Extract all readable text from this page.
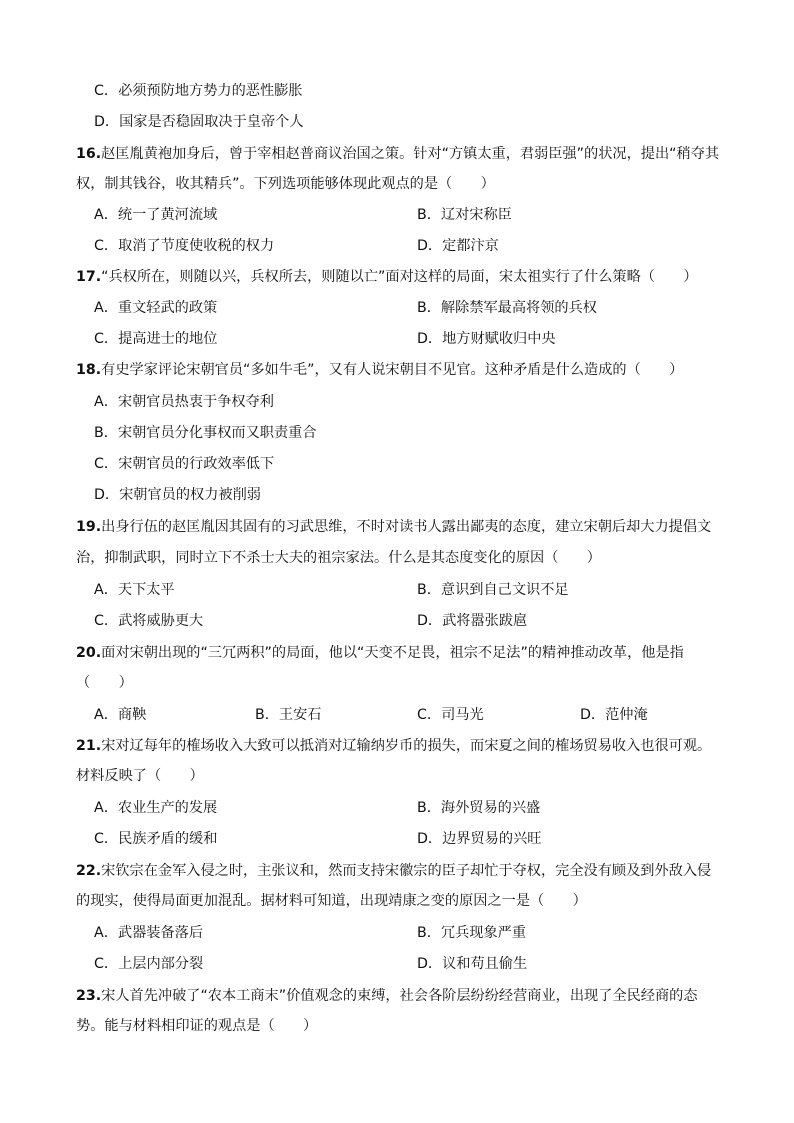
C．必须预防地方势力的恶性膨胀
D．国家是否稳固取决于皇帝个人
16.赵匡胤黄袍加身后，曾于宰相赵普商议治国之策。针对“方镇太重，君弱臣强”的状况，提出“稍夺其
权，制其钱谷，收其精兵”。下列选项能够体现此观点的是（　　）
A．统一了黄河流域	B．辽对宋称臣
C．取消了节度使收税的权力	D．定都汴京
17.“兵权所在，则随以兴，兵权所去，则随以亡”面对这样的局面，宋太祖实行了什么策略（　　）
A．重文轻武的政策	B．解除禁军最高将领的兵权
C．提高进士的地位	D．地方财赋收归中央
18.有史学家评论宋朝官员“多如牛毛”，又有人说宋朝目不见官。这种矛盾是什么造成的（　　）
A．宋朝官员热衷于争权夺利
B．宋朝官员分化事权而又职责重合
C．宋朝官员的行政效率低下
D．宋朝官员的权力被削弱
19.出身行伍的赵匡胤因其固有的习武思维，不时对读书人露出鄙夷的态度，建立宋朝后却大力提倡文
治，抑制武职，同时立下不杀士大夫的祖宗家法。什么是其态度变化的原因（　　）
A．天下太平	B．意识到自己文识不足
C．武将威胁更大	D．武将嚣张跋扈
20.面对宋朝出现的“三冗两积”的局面，他以“天变不足畏，祖宗不足法”的精神推动改革，他是指
（　　）
A．商鞅	B．王安石	C．司马光	D．范仲淹
21.宋对辽每年的榷场收入大致可以抵消对辽输纳岁币的损失，而宋夏之间的榷场贸易收入也很可观。
材料反映了（　　）
A．农业生产的发展	B．海外贸易的兴盛
C．民族矛盾的缓和	D．边界贸易的兴旺
22.宋钦宗在金军入侵之时，主张议和，然而支持宋徽宗的臣子却忙于夺权，完全没有顾及到外敌入侵
的现实，使得局面更加混乱。据材料可知道，出现靖康之变的原因之一是（　　）
A．武器装备落后	B．冗兵现象严重
C．上层内部分裂	D．议和苟且偷生
23.宋人首先冲破了“农本工商末”价值观念的束缚，社会各阶层纷纷经营商业，出现了全民经商的态
势。能与材料相印证的观点是（　　）
